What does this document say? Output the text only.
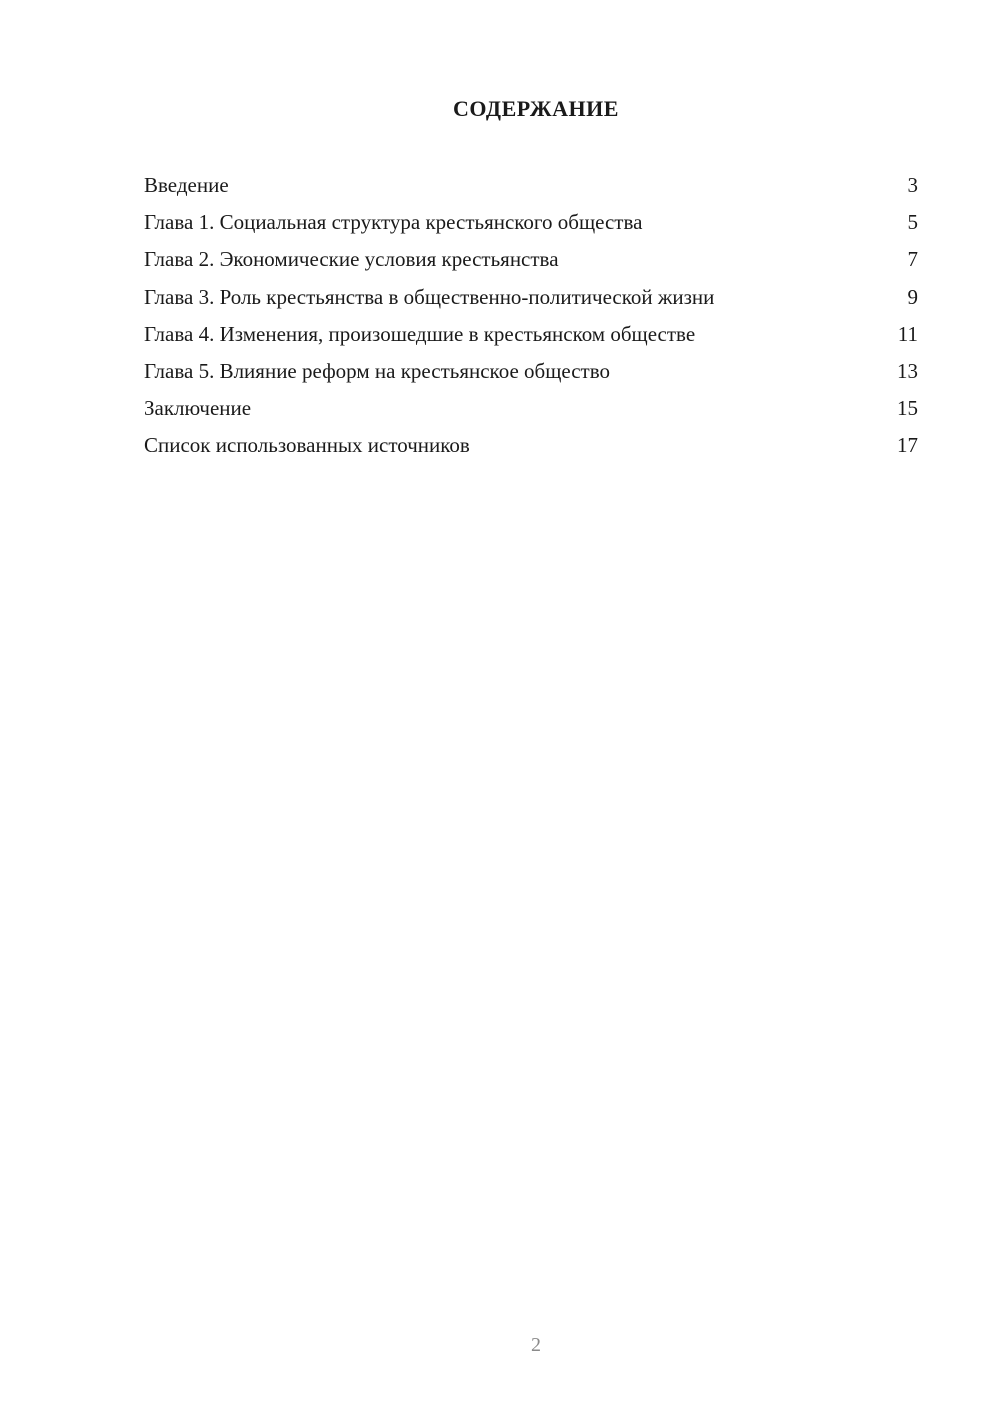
СОДЕРЖАНИЕ
Введение	3
Глава 1. Социальная структура крестьянского общества	5
Глава 2. Экономические условия крестьянства	7
Глава 3. Роль крестьянства в общественно-политической жизни	9
Глава 4. Изменения, произошедшие в крестьянском обществе	11
Глава 5. Влияние реформ на крестьянское общество	13
Заключение	15
Список использованных источников	17
2
